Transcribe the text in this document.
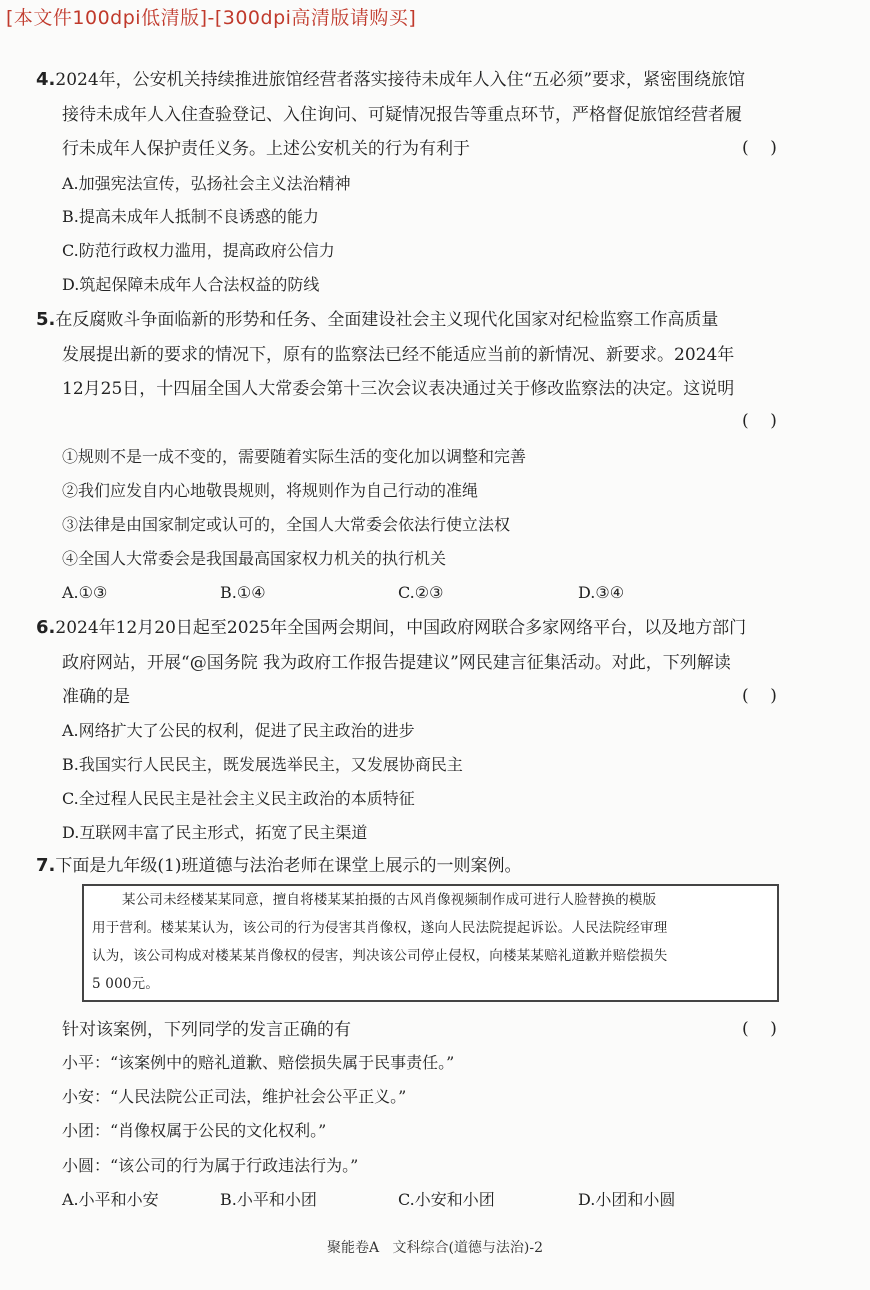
[本文件100dpi低清版]-[300dpi高清版请购买]
4.2024年，公安机关持续推进旅馆经营者落实接待未成年人入住“五必须”要求，紧密围绕旅馆
接待未成年人入住查验登记、入住询问、可疑情况报告等重点环节，严格督促旅馆经营者履
行未成年人保护责任义务。上述公安机关的行为有利于	(    )
A.加强宪法宣传，弘扬社会主义法治精神
B.提高未成年人抵制不良诱惑的能力
C.防范行政权力滥用，提高政府公信力
D.筑起保障未成年人合法权益的防线
5.在反腐败斗争面临新的形势和任务、全面建设社会主义现代化国家对纪检监察工作高质量
发展提出新的要求的情况下，原有的监察法已经不能适应当前的新情况、新要求。2024年
12月25日，十四届全国人大常委会第十三次会议表决通过关于修改监察法的决定。这说明
(    )
①规则不是一成不变的，需要随着实际生活的变化加以调整和完善
②我们应发自内心地敬畏规则，将规则作为自己行动的准绳
③法律是由国家制定或认可的，全国人大常委会依法行使立法权
④全国人大常委会是我国最高国家权力机关的执行机关
A.①③	B.①④	C.②③	D.③④
6.2024年12月20日起至2025年全国两会期间，中国政府网联合多家网络平台，以及地方部门
政府网站，开展“@国务院 我为政府工作报告提建议”网民建言征集活动。对此，下列解读
准确的是	(    )
A.网络扩大了公民的权利，促进了民主政治的进步
B.我国实行人民民主，既发展选举民主，又发展协商民主
C.全过程人民民主是社会主义民主政治的本质特征
D.互联网丰富了民主形式，拓宽了民主渠道
7.下面是九年级(1)班道德与法治老师在课堂上展示的一则案例。
某公司未经楼某某同意，擅自将楼某某拍摄的古风肖像视频制作成可进行人脸替换的模版
用于营利。楼某某认为，该公司的行为侵害其肖像权，遂向人民法院提起诉讼。人民法院经审理
认为，该公司构成对楼某某肖像权的侵害，判决该公司停止侵权，向楼某某赔礼道歉并赔偿损失
5 000元。
针对该案例，下列同学的发言正确的有	(    )
小平：“该案例中的赔礼道歉、赔偿损失属于民事责任。”
小安：“人民法院公正司法，维护社会公平正义。”
小团：“肖像权属于公民的文化权利。”
小圆：“该公司的行为属于行政违法行为。”
A.小平和小安	B.小平和小团	C.小安和小团	D.小团和小圆
聚能卷A   文科综合(道德与法治)-2
